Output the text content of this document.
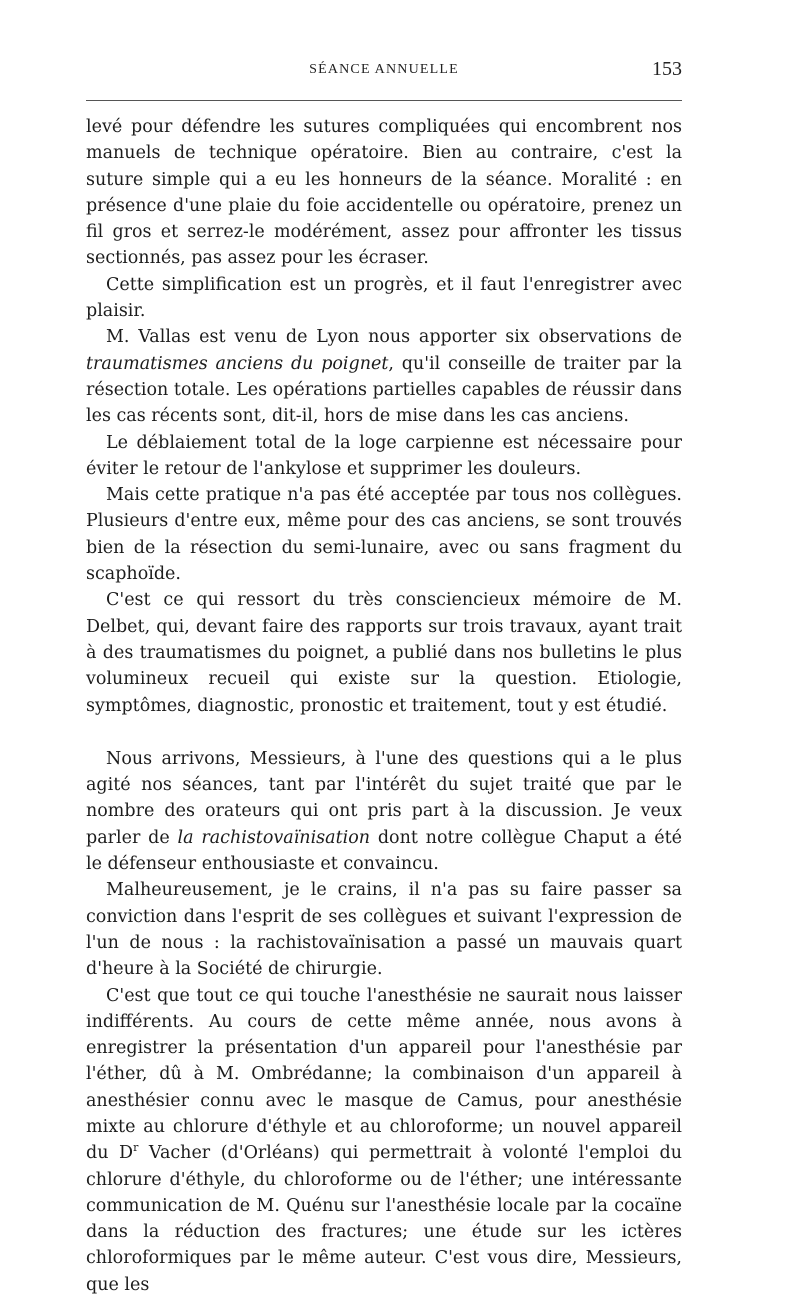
SÉANCE ANNUELLE	153

levé pour défendre les sutures compliquées qui encombrent nos manuels de technique opératoire. Bien au contraire, c'est la suture simple qui a eu les honneurs de la séance. Moralité : en présence d'une plaie du foie accidentelle ou opératoire, prenez un fil gros et serrez-le modérément, assez pour affronter les tissus sectionnés, pas assez pour les écraser.

Cette simplification est un progrès, et il faut l'enregistrer avec plaisir.

M. Vallas est venu de Lyon nous apporter six observations de traumatismes anciens du poignet, qu'il conseille de traiter par la résection totale. Les opérations partielles capables de réussir dans les cas récents sont, dit-il, hors de mise dans les cas anciens.

Le déblaiement total de la loge carpienne est nécessaire pour éviter le retour de l'ankylose et supprimer les douleurs.

Mais cette pratique n'a pas été acceptée par tous nos collègues. Plusieurs d'entre eux, même pour des cas anciens, se sont trouvés bien de la résection du semi-lunaire, avec ou sans fragment du scaphoïde.

C'est ce qui ressort du très consciencieux mémoire de M. Delbet, qui, devant faire des rapports sur trois travaux, ayant trait à des traumatismes du poignet, a publié dans nos bulletins le plus volumineux recueil qui existe sur la question. Etiologie, symptômes, diagnostic, pronostic et traitement, tout y est étudié.

Nous arrivons, Messieurs, à l'une des questions qui a le plus agité nos séances, tant par l'intérêt du sujet traité que par le nombre des orateurs qui ont pris part à la discussion. Je veux parler de la rachistovaïnisation dont notre collègue Chaput a été le défenseur enthousiaste et convaincu.

Malheureusement, je le crains, il n'a pas su faire passer sa conviction dans l'esprit de ses collègues et suivant l'expression de l'un de nous : la rachistovaïnisation a passé un mauvais quart d'heure à la Société de chirurgie.

C'est que tout ce qui touche l'anesthésie ne saurait nous laisser indifférents. Au cours de cette même année, nous avons à enregistrer la présentation d'un appareil pour l'anesthésie par l'éther, dû à M. Ombrédanne; la combinaison d'un appareil à anesthésier connu avec le masque de Camus, pour anesthésie mixte au chlorure d'éthyle et au chloroforme; un nouvel appareil du $D^r$ Vacher (d'Orléans) qui permettrait à volonté l'emploi du chlorure d'éthyle, du chloroforme ou de l'éther; une intéressante communication de M. Quénu sur l'anesthésie locale par la cocaïne dans la réduction des fractures; une étude sur les ictères chloroformiques par le même auteur. C'est vous dire, Messieurs, que les
